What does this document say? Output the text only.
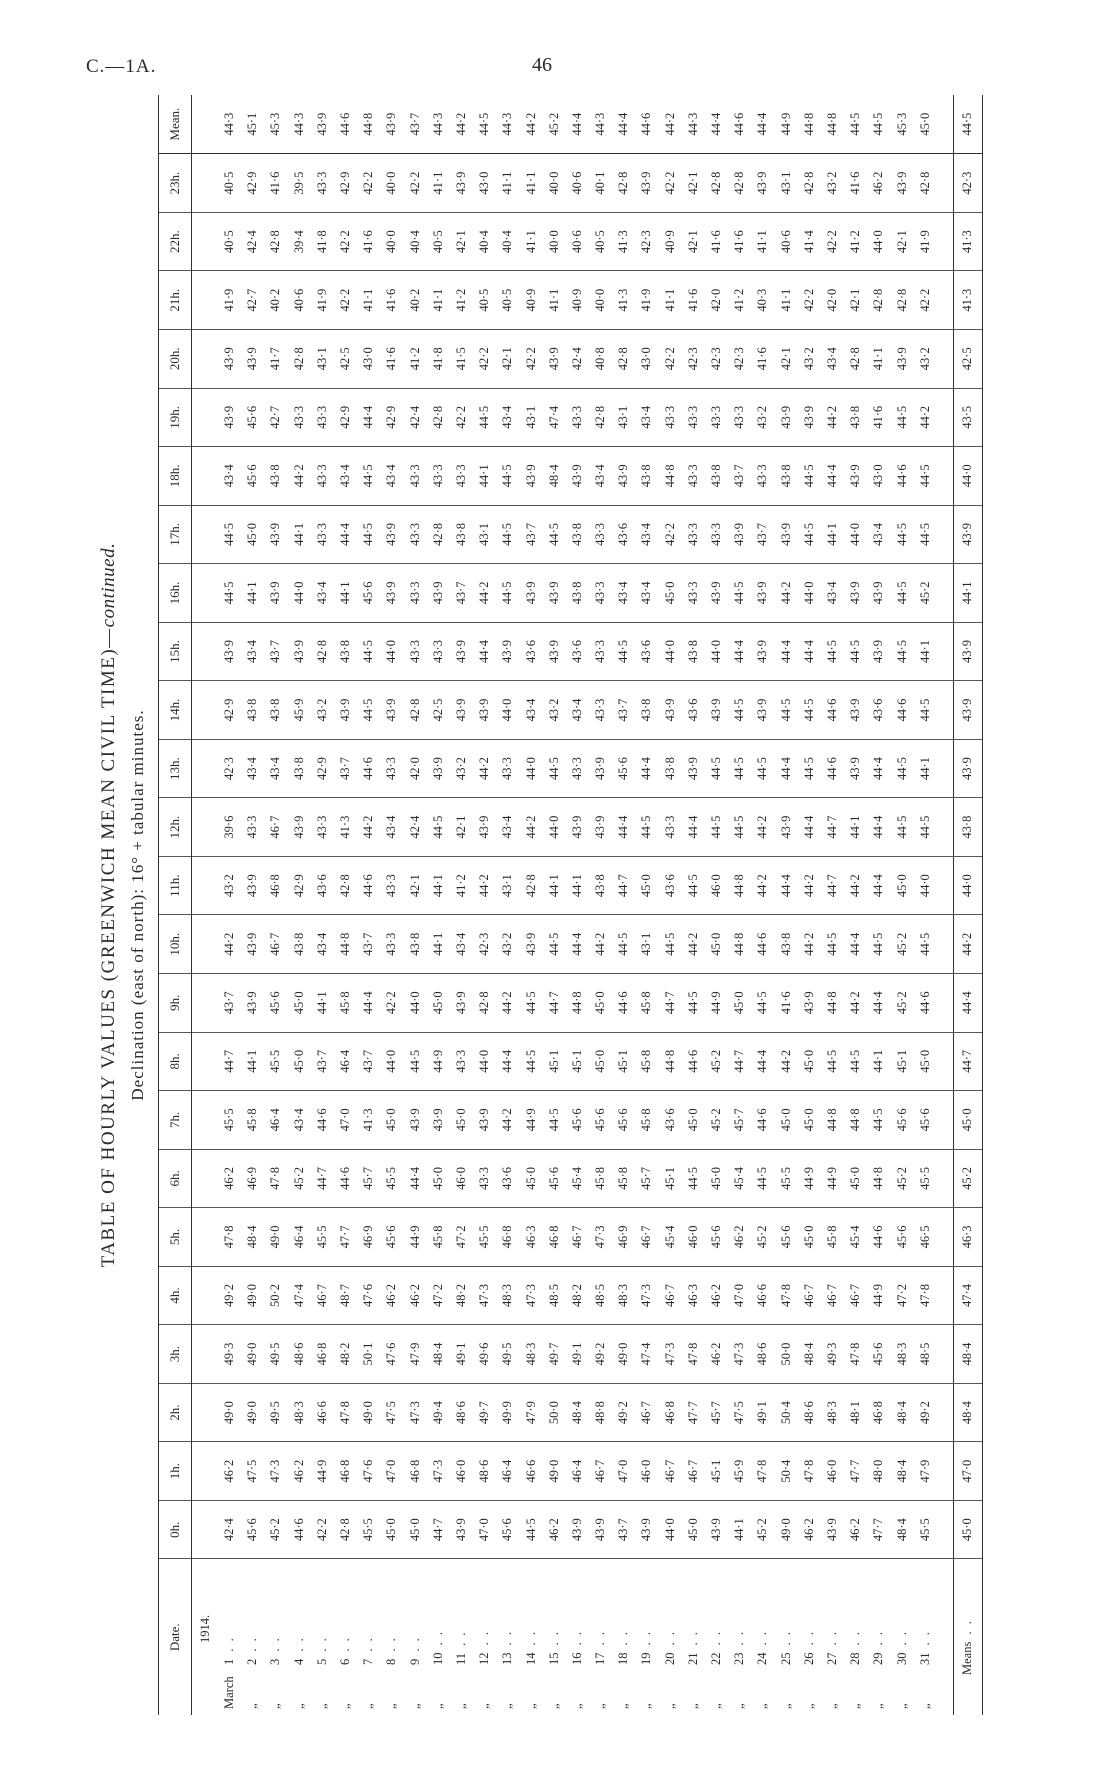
C.—1A.	46
TABLE OF HOURLY VALUES (GREENWICH MEAN CIVIL TIME)—continued.
Declination (east of north): 16° + tabular minutes.
Date.	0h.	1h.	2h.	3h.	4h.	5h.	6h.	7h.	8h.	9h.	10h.	11h.	12h.	13h.	14h.	15h.	16h.	17h.	18h.	19h.	20h.	21h.	22h.	23h.	Mean.
1914.																									
March1 . .	42·4	46·2	49·0	49·3	49·2	47·8	46·2	45·5	44·7	43·7	44·2	43·2	39·6	42·3	42·9	43·9	44·5	44·5	43·4	43·9	43·9	41·9	40·5	40·5	44·3
„2 . .	45·6	47·5	49·0	49·0	49·0	48·4	46·9	45·8	44·1	43·9	43·9	43·9	43·3	43·4	43·8	43·4	44·1	45·0	45·6	45·6	43·9	42·7	42·4	42·9	45·1
„3 . .	45·2	47·3	49·5	49·5	50·2	49·0	47·8	46·4	45·5	45·6	46·7	46·8	46·7	43·4	43·8	43·7	43·9	43·9	43·8	42·7	41·7	40·2	42·8	41·6	45·3
„4 . .	44·6	46·2	48·3	48·6	47·4	46·4	45·2	43·4	45·0	45·0	43·8	42·9	43·9	43·8	45·9	43·9	44·0	44·1	44·2	43·3	42·8	40·6	39·4	39·5	44·3
„5 . .	42·2	44·9	46·6	46·8	46·7	45·5	44·7	44·6	43·7	44·1	43·4	43·6	43·3	42·9	43·2	42·8	43·4	43·3	43·3	43·3	43·1	41·9	41·8	43·3	43·9
„6 . .	42·8	46·8	47·8	48·2	48·7	47·7	44·6	47·0	46·4	45·8	44·8	42·8	41·3	43·7	43·9	43·8	44·1	44·4	43·4	42·9	42·5	42·2	42·2	42·9	44·6
„7 . .	45·5	47·6	49·0	50·1	47·6	46·9	45·7	41·3	43·7	44·4	43·7	44·6	44·2	44·6	44·5	44·5	45·6	44·5	44·5	44·4	43·0	41·1	41·6	42·2	44·8
„8 . .	45·0	47·0	47·5	47·6	46·2	45·6	45·5	45·0	44·0	42·2	43·3	43·3	43·4	43·3	43·9	44·0	43·9	43·9	43·4	42·9	41·6	41·6	40·0	40·0	43·9
„9 . .	45·0	46·8	47·3	47·9	46·2	44·9	44·4	43·9	44·5	44·0	43·8	42·1	42·4	42·0	42·8	43·3	43·3	43·3	43·3	42·4	41·2	40·2	40·4	42·2	43·7
„10 . .	44·7	47·3	49·4	48·4	47·2	45·8	45·0	43·9	44·9	45·0	44·1	44·1	44·5	43·9	42·5	43·3	43·9	42·8	43·3	42·8	41·8	41·1	40·5	41·1	44·3
„11 . .	43·9	46·0	48·6	49·1	48·2	47·2	46·0	45·0	43·3	43·9	43·4	41·2	42·1	43·2	43·9	43·9	43·7	43·8	43·3	42·2	41·5	41·2	42·1	43·9	44·2
„12 . .	47·0	48·6	49·7	49·6	47·3	45·5	43·3	43·9	44·0	42·8	42·3	44·2	43·9	44·2	43·9	44·4	44·2	43·1	44·1	44·5	42·2	40·5	40·4	43·0	44·5
„13 . .	45·6	46·4	49·9	49·5	48·3	46·8	43·6	44·2	44·4	44·2	43·2	43·1	43·4	43·3	44·0	43·9	44·5	44·5	44·5	43·4	42·1	40·5	40·4	41·1	44·3
„14 . .	44·5	46·6	47·9	48·3	47·3	46·3	45·0	44·9	44·5	44·5	43·9	42·8	44·2	44·0	43·4	43·6	43·9	43·7	43·9	43·1	42·2	40·9	41·1	41·1	44·2
„15 . .	46·2	49·0	50·0	49·7	48·5	46·8	45·6	44·5	45·1	44·7	44·5	44·1	44·0	44·5	43·2	43·9	43·9	44·5	48·4	47·4	43·9	41·1	40·0	40·0	45·2
„16 . .	43·9	46·4	48·4	49·1	48·2	46·7	45·4	45·6	45·1	44·8	44·4	44·1	43·9	43·3	43·4	43·6	43·8	43·8	43·9	43·3	42·4	40·9	40·6	40·6	44·4
„17 . .	43·9	46·7	48·8	49·2	48·5	47·3	45·8	45·6	45·0	45·0	44·2	43·8	43·9	43·9	43·3	43·3	43·3	43·3	43·4	42·8	40·8	40·0	40·5	40·1	44·3
„18 . .	43·7	47·0	49·2	49·0	48·3	46·9	45·8	45·6	45·1	44·6	44·5	44·7	44·4	45·6	43·7	44·5	43·4	43·6	43·9	43·1	42·8	41·3	41·3	42·8	44·4
„19 . .	43·9	46·0	46·7	47·4	47·3	46·7	45·7	45·8	45·8	45·8	43·1	45·0	44·5	44·4	43·8	43·6	43·4	43·4	43·8	43·4	43·0	41·9	42·3	43·9	44·6
„20 . .	44·0	46·7	46·8	47·3	46·7	45·4	45·1	43·6	44·8	44·7	44·5	43·6	43·3	43·8	43·9	44·0	45·0	42·2	44·8	43·3	42·2	41·1	40·9	42·2	44·2
„21 . .	45·0	46·7	47·7	47·8	46·3	46·0	44·5	45·0	44·6	44·5	44·2	44·5	44·4	43·9	43·6	43·8	43·3	43·3	43·3	43·3	42·3	41·6	42·1	42·1	44·3
„22 . .	43·9	45·1	45·7	46·2	46·2	45·6	45·0	45·2	45·2	44·9	45·0	46·0	44·5	44·5	43·9	44·0	43·9	43·3	43·8	43·3	42·3	42·0	41·6	42·8	44·4
„23 . .	44·1	45·9	47·5	47·3	47·0	46·2	45·4	45·7	44·7	45·0	44·8	44·8	44·5	44·5	44·5	44·4	44·5	43·9	43·7	43·3	42·3	41·2	41·6	42·8	44·6
„24 . .	45·2	47·8	49·1	48·6	46·6	45·2	44·5	44·6	44·4	44·5	44·6	44·2	44·2	44·5	43·9	43·9	43·9	43·7	43·3	43·2	41·6	40·3	41·1	43·9	44·4
„25 . .	49·0	50·4	50·4	50·0	47·8	45·6	45·5	45·0	44·2	41·6	43·8	44·4	43·9	44·4	44·5	44·4	44·2	43·9	43·8	43·9	42·1	41·1	40·6	43·1	44·9
„26 . .	46·2	47·8	48·6	48·4	46·7	45·0	44·9	45·0	45·0	43·9	44·2	44·2	44·4	44·5	44·5	44·4	44·0	44·5	44·5	43·9	43·2	42·2	41·4	42·8	44·8
„27 . .	43·9	46·0	48·3	49·3	46·7	45·8	44·9	44·8	44·5	44·8	44·5	44·7	44·7	44·6	44·6	44·5	43·4	44·1	44·4	44·2	43·4	42·0	42·2	43·2	44·8
„28 . .	46·2	47·7	48·1	47·8	46·7	45·4	45·0	44·8	44·5	44·2	44·4	44·2	44·1	43·9	43·9	44·5	43·9	44·0	43·9	43·8	42·8	42·1	41·2	41·6	44·5
„29 . .	47·7	48·0	46·8	45·6	44·9	44·6	44·8	44·5	44·1	44·4	44·5	44·4	44·4	44·4	43·6	43·9	43·9	43·4	43·0	41·6	41·1	42·8	44·0	46·2	44·5
„30 . .	48·4	48·4	48·4	48·3	47·2	45·6	45·2	45·6	45·1	45·2	45·2	45·0	44·5	44·5	44·6	44·5	44·5	44·5	44·6	44·5	43·9	42·8	42·1	43·9	45·3
„31 . .	45·5	47·9	49·2	48·5	47·8	46·5	45·5	45·6	45·0	44·6	44·5	44·0	44·5	44·1	44·5	44·1	45·2	44·5	44·5	44·2	43·2	42·2	41·9	42·8	45·0

Means . .	45·0	47·0	48·4	48·4	47·4	46·3	45·2	45·0	44·7	44·4	44·2	44·0	43·8	43·9	43·9	43·9	44·1	43·9	44·0	43·5	42·5	41·3	41·3	42·3	44·5
